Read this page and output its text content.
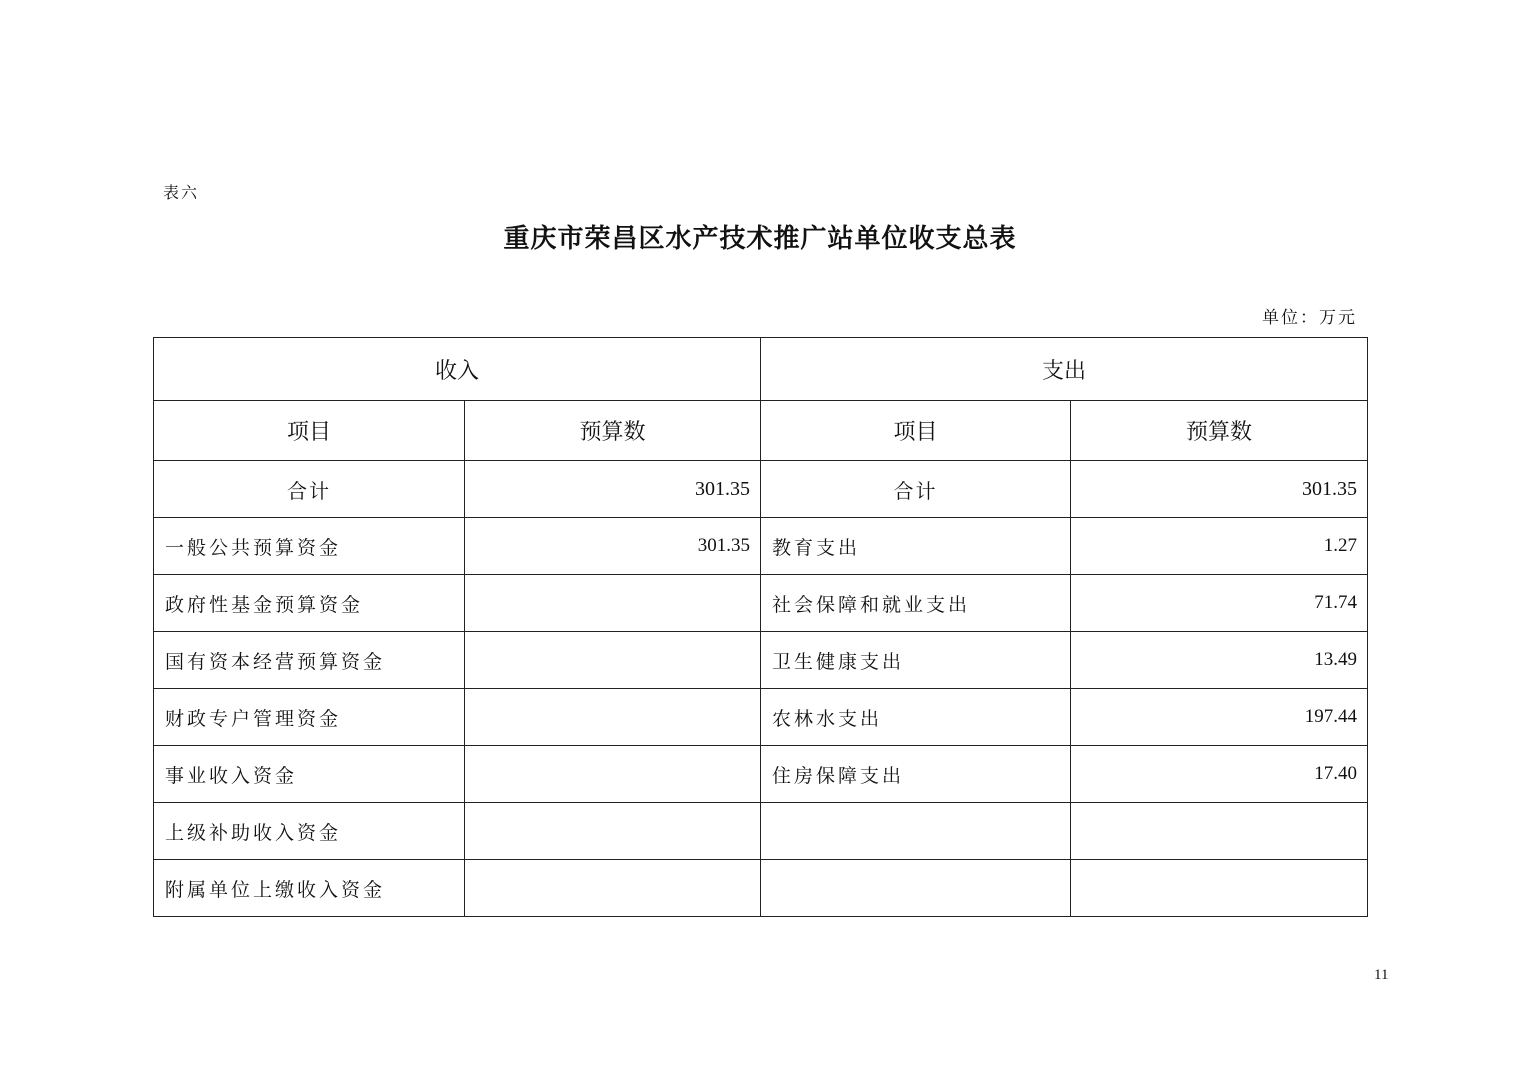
表六
重庆市荣昌区水产技术推广站单位收支总表
单位：万元
收入		支出	
项目	预算数	项目	预算数
合计	301.35	合计	301.35
一般公共预算资金	301.35	教育支出	1.27
政府性基金预算资金		社会保障和就业支出	71.74
国有资本经营预算资金		卫生健康支出	13.49
财政专户管理资金		农林水支出	197.44
事业收入资金		住房保障支出	17.40
上级补助收入资金			
附属单位上缴收入资金			
11
